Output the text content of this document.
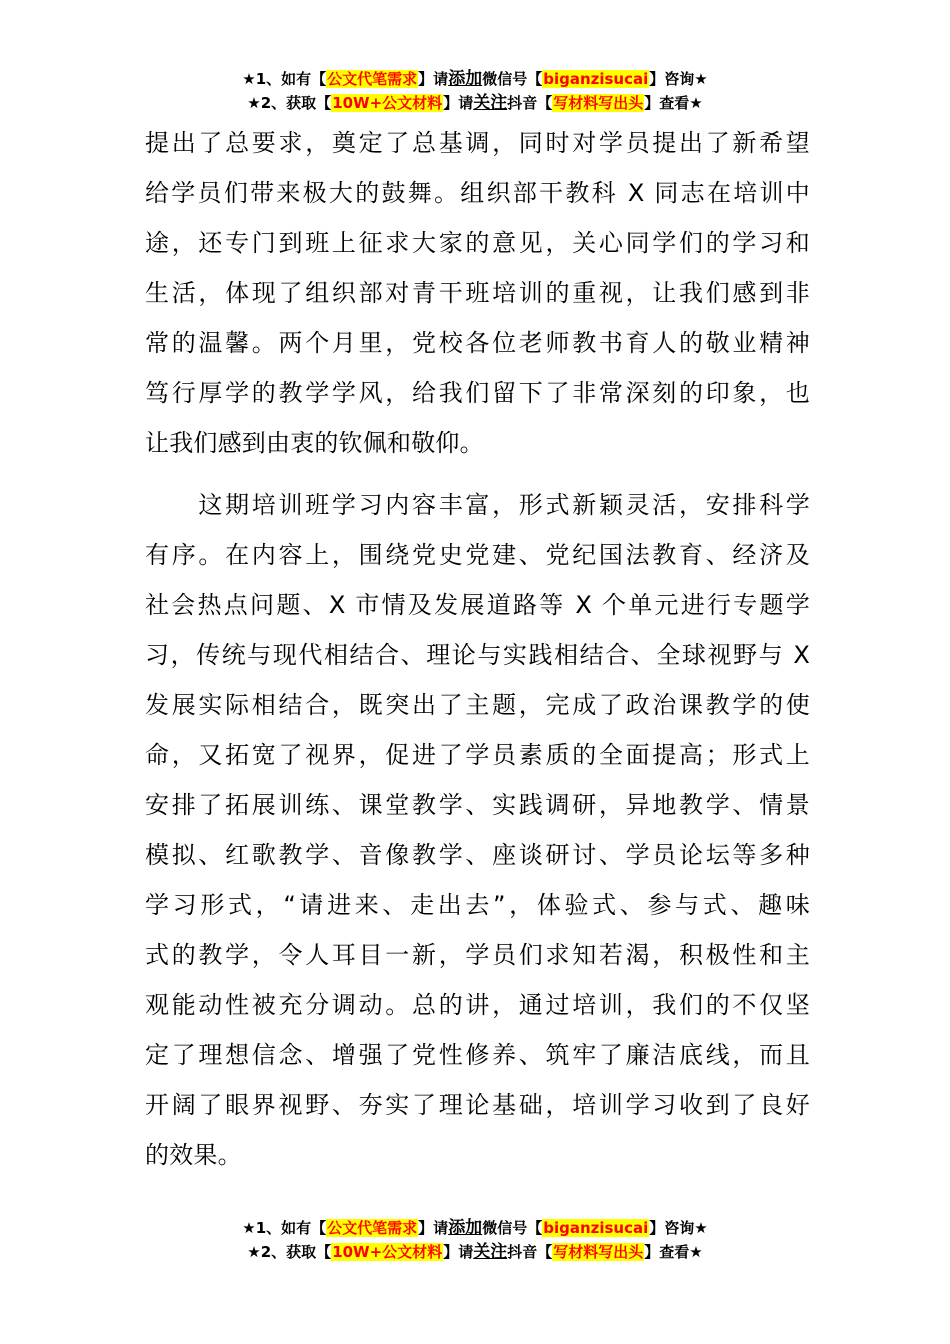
★1、如有【公文代笔需求】请添加微信号【biganzisucai】咨询★
★2、获取【10W+公文材料】请关注抖音【写材料写出头】查看★
提出了总要求，奠定了总基调，同时对学员提出了新希望
给学员们带来极大的鼓舞。组织部干教科 X 同志在培训中
途，还专门到班上征求大家的意见，关心同学们的学习和
生活，体现了组织部对青干班培训的重视，让我们感到非
常的温馨。两个月里，党校各位老师教书育人的敬业精神
笃行厚学的教学学风，给我们留下了非常深刻的印象，也
让我们感到由衷的钦佩和敬仰。
　　这期培训班学习内容丰富，形式新颖灵活，安排科学
有序。在内容上，围绕党史党建、党纪国法教育、经济及
社会热点问题、X 市情及发展道路等 X 个单元进行专题学
习，传统与现代相结合、理论与实践相结合、全球视野与 X
发展实际相结合，既突出了主题，完成了政治课教学的使
命，又拓宽了视界，促进了学员素质的全面提高；形式上
安排了拓展训练、课堂教学、实践调研，异地教学、情景
模拟、红歌教学、音像教学、座谈研讨、学员论坛等多种
学习形式，“请进来、走出去”，体验式、参与式、趣味
式的教学，令人耳目一新，学员们求知若渴，积极性和主
观能动性被充分调动。总的讲，通过培训，我们的不仅坚
定了理想信念、增强了党性修养、筑牢了廉洁底线，而且
开阔了眼界视野、夯实了理论基础，培训学习收到了良好
的效果。
★1、如有【公文代笔需求】请添加微信号【biganzisucai】咨询★
★2、获取【10W+公文材料】请关注抖音【写材料写出头】查看★
